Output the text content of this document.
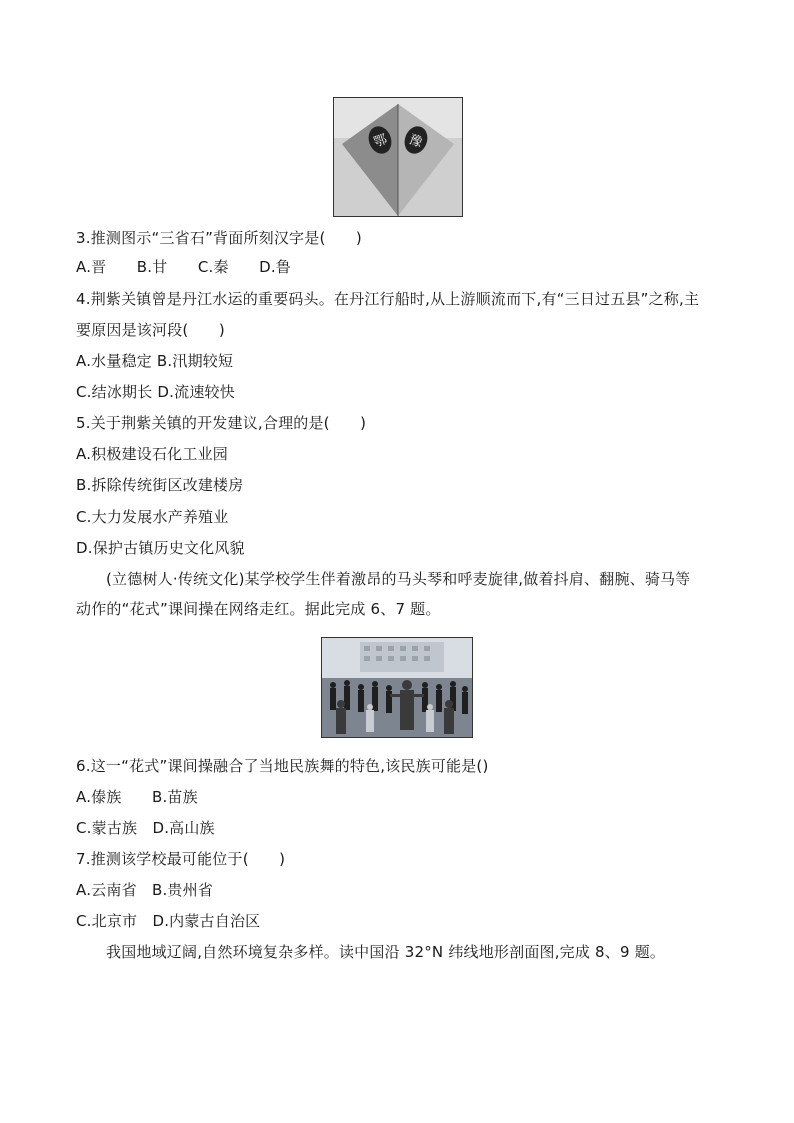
鄂 豫
3.推测图示“三省石”背面所刻汉字是(　　)
A.晋　　B.甘　　C.秦　　D.鲁
4.荆紫关镇曾是丹江水运的重要码头。在丹江行船时,从上游顺流而下,有“三日过五县”之称,主
要原因是该河段(　　)
A.水量稳定 B.汛期较短
C.结冰期长 D.流速较快
5.关于荆紫关镇的开发建议,合理的是(　　)
A.积极建设石化工业园
B.拆除传统街区改建楼房
C.大力发展水产养殖业
D.保护古镇历史文化风貌
(立德树人·传统文化)某学校学生伴着激昂的马头琴和呼麦旋律,做着抖肩、翻腕、骑马等
动作的“花式”课间操在网络走红。据此完成 6、7 题。
6.这一“花式”课间操融合了当地民族舞的特色,该民族可能是()
A.傣族　　B.苗族
C.蒙古族　D.高山族
7.推测该学校最可能位于(　　)
A.云南省　B.贵州省
C.北京市　D.内蒙古自治区
我国地域辽阔,自然环境复杂多样。读中国沿 32°N 纬线地形剖面图,完成 8、9 题。
